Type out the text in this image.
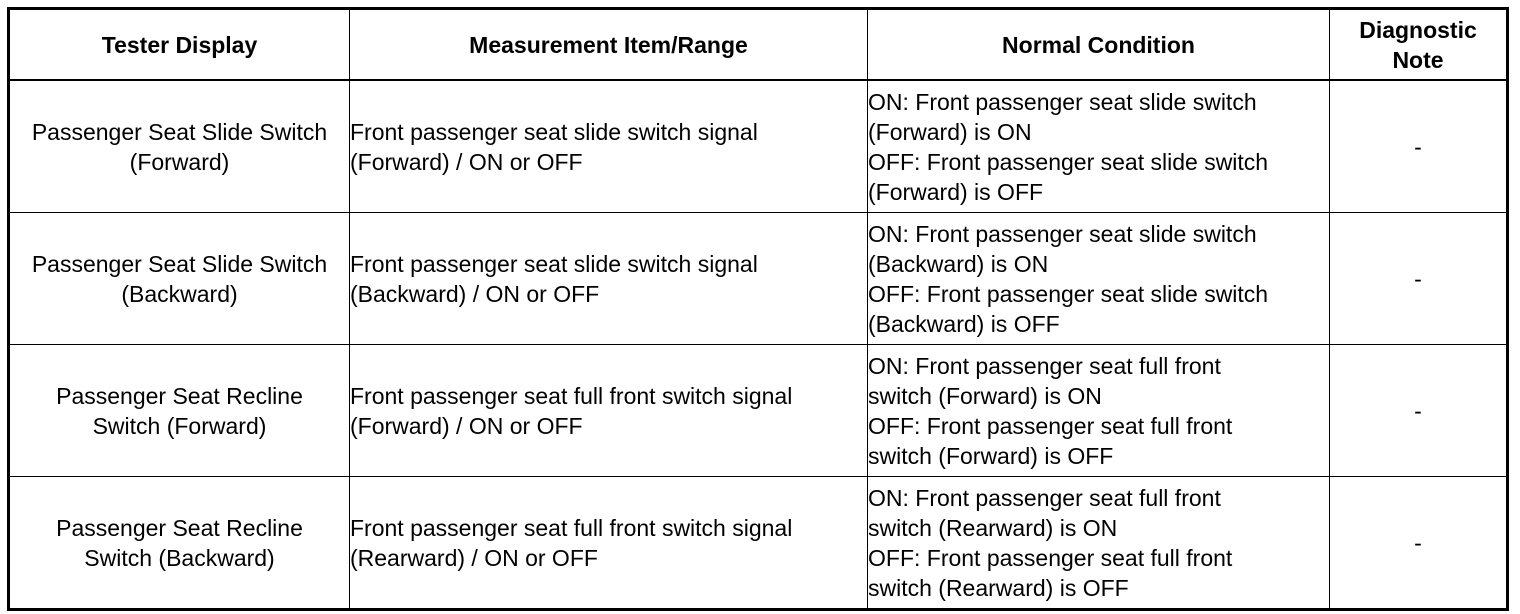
Tester Display	Measurement Item/Range	Normal Condition	Diagnostic
Note

Passenger Seat Slide Switch
(Forward)	Front passenger seat slide switch signal
(Forward) / ON or OFF	ON: Front passenger seat slide switch
(Forward) is ON
OFF: Front passenger seat slide switch
(Forward) is OFF	-

Passenger Seat Slide Switch
(Backward)	Front passenger seat slide switch signal
(Backward) / ON or OFF	ON: Front passenger seat slide switch
(Backward) is ON
OFF: Front passenger seat slide switch
(Backward) is OFF	-

Passenger Seat Recline
Switch (Forward)	Front passenger seat full front switch signal
(Forward) / ON or OFF	ON: Front passenger seat full front
switch (Forward) is ON
OFF: Front passenger seat full front
switch (Forward) is OFF	-

Passenger Seat Recline
Switch (Backward)	Front passenger seat full front switch signal
(Rearward) / ON or OFF	ON: Front passenger seat full front
switch (Rearward) is ON
OFF: Front passenger seat full front
switch (Rearward) is OFF	-
